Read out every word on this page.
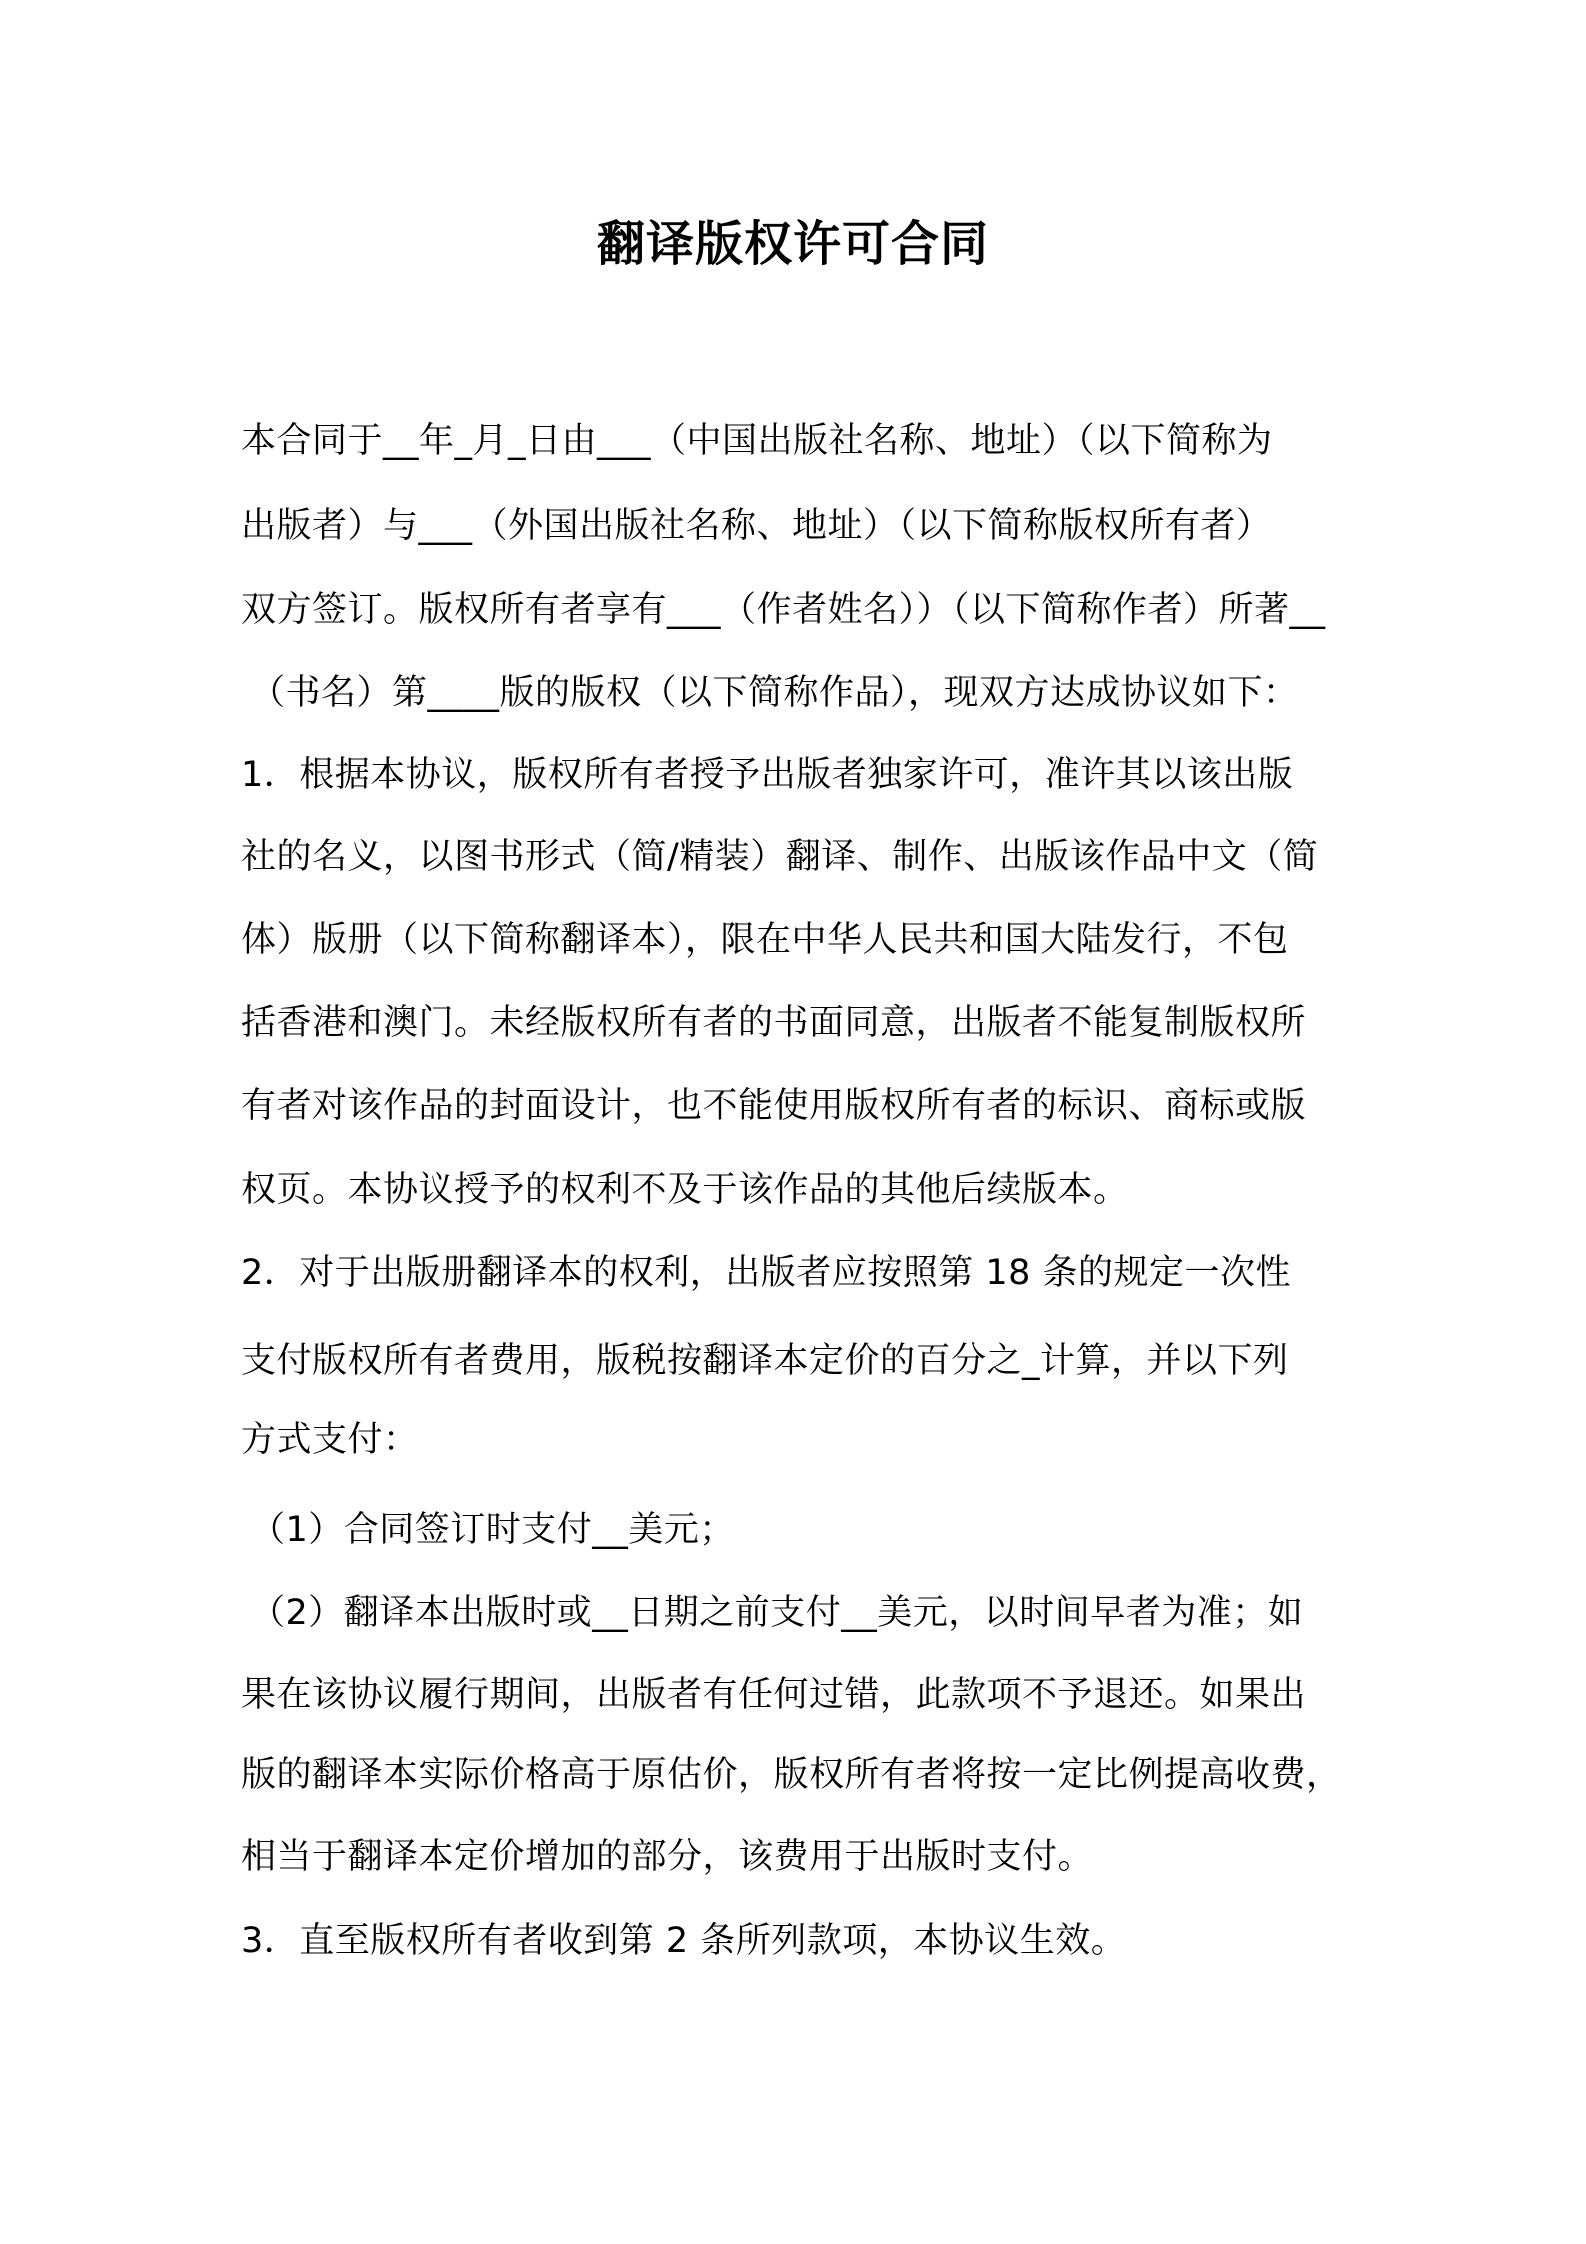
翻译版权许可合同
本合同于__年_月_日由___（中国出版社名称、地址）（以下简称为
出版者）与___（外国出版社名称、地址）（以下简称版权所有者）
双方签订。版权所有者享有___（作者姓名））（以下简称作者）所著__
（书名）第____版的版权（以下简称作品），现双方达成协议如下：
1．根据本协议，版权所有者授予出版者独家许可，准许其以该出版
社的名义，以图书形式（简/精装）翻译、制作、出版该作品中文（简
体）版册（以下简称翻译本），限在中华人民共和国大陆发行，不包
括香港和澳门。未经版权所有者的书面同意，出版者不能复制版权所
有者对该作品的封面设计，也不能使用版权所有者的标识、商标或版
权页。本协议授予的权利不及于该作品的其他后续版本。
2．对于出版册翻译本的权利，出版者应按照第 18 条的规定一次性
支付版权所有者费用，版税按翻译本定价的百分之_计算，并以下列
方式支付：
（1）合同签订时支付__美元；
（2）翻译本出版时或__日期之前支付__美元，以时间早者为准；如
果在该协议履行期间，出版者有任何过错，此款项不予退还。如果出
版的翻译本实际价格高于原估价，版权所有者将按一定比例提高收费，
相当于翻译本定价增加的部分，该费用于出版时支付。
3．直至版权所有者收到第 2 条所列款项，本协议生效。
